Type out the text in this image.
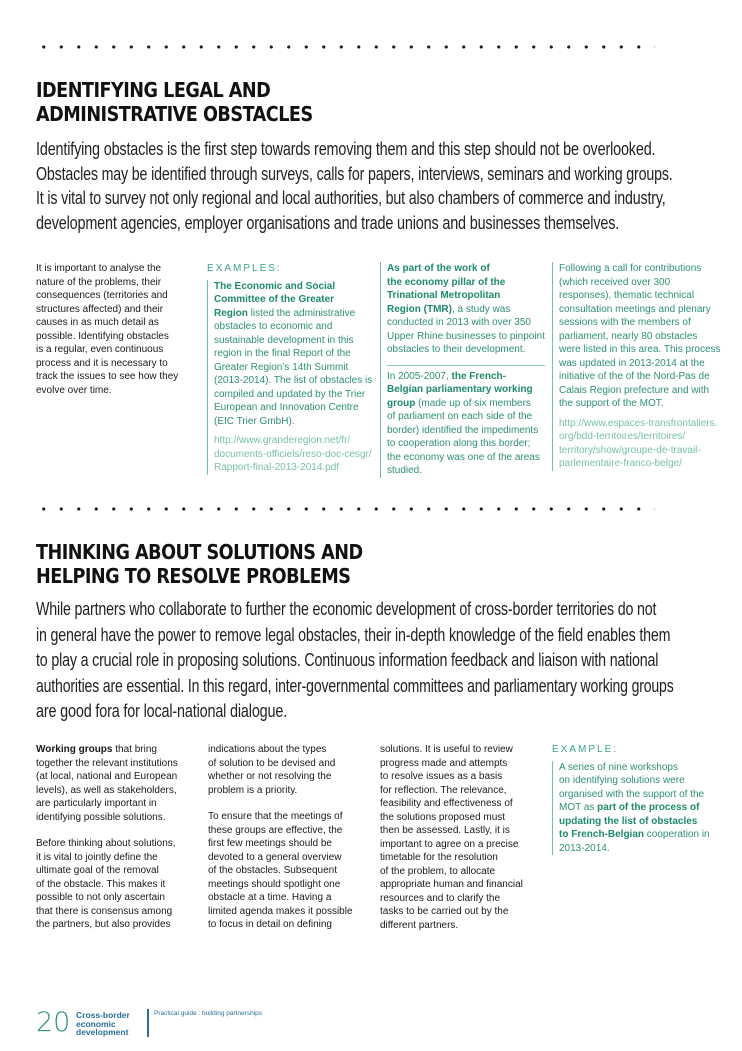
IDENTIFYING LEGAL AND
ADMINISTRATIVE OBSTACLES
Identifying obstacles is the first step towards removing them and this step should not be overlooked.
Obstacles may be identified through surveys, calls for papers, interviews, seminars and working groups.
It is vital to survey not only regional and local authorities, but also chambers of commerce and industry,
development agencies, employer organisations and trade unions and businesses themselves.
It is important to analyse the
nature of the problems, their
consequences (territories and
structures affected) and their
causes in as much detail as
possible. Identifying obstacles
is a regular, even continuous
process and it is necessary to
track the issues to see how they
evolve over time.
EXAMPLES:
The Economic and Social
Committee of the Greater
Region listed the administrative
obstacles to economic and
sustainable development in this
region in the final Report of the
Greater Region’s 14th Summit
(2013-2014). The list of obstacles is
compiled and updated by the Trier
European and Innovation Centre
(EIC Trier GmbH).
http://www.granderegion.net/fr/
documents-officiels/reso-doc-cesgr/
Rapport-final-2013-2014.pdf
As part of the work of
the economy pillar of the
Trinational Metropolitan
Region (TMR), a study was
conducted in 2013 with over 350
Upper Rhine businesses to pinpoint
obstacles to their development.
In 2005-2007, the French-
Belgian parliamentary working
group (made up of six members
of parliament on each side of the
border) identified the impediments
to cooperation along this border;
the economy was one of the areas
studied.
Following a call for contributions
(which received over 300
responses), thematic technical
consultation meetings and plenary
sessions with the members of
parliament, nearly 80 obstacles
were listed in this area. This process
was updated in 2013-2014 at the
initiative of the of the Nord-Pas de
Calais Region prefecture and with
the support of the MOT.
http://www.espaces-transfrontaliers.
org/bdd-territoires/territoires/
territory/show/groupe-de-travail-
parlementaire-franco-belge/
THINKING ABOUT SOLUTIONS AND
HELPING TO RESOLVE PROBLEMS
While partners who collaborate to further the economic development of cross-border territories do not
in general have the power to remove legal obstacles, their in-depth knowledge of the field enables them
to play a crucial role in proposing solutions. Continuous information feedback and liaison with national
authorities are essential. In this regard, inter-governmental committees and parliamentary working groups
are good fora for local-national dialogue.
Working groups that bring
together the relevant institutions
(at local, national and European
levels), as well as stakeholders,
are particularly important in
identifying possible solutions.
Before thinking about solutions,
it is vital to jointly define the
ultimate goal of the removal
of the obstacle. This makes it
possible to not only ascertain
that there is consensus among
the partners, but also provides
indications about the types
of solution to be devised and
whether or not resolving the
problem is a priority.
To ensure that the meetings of
these groups are effective, the
first few meetings should be
devoted to a general overview
of the obstacles. Subsequent
meetings should spotlight one
obstacle at a time. Having a
limited agenda makes it possible
to focus in detail on defining
solutions. It is useful to review
progress made and attempts
to resolve issues as a basis
for reflection. The relevance,
feasibility and effectiveness of
the solutions proposed must
then be assessed. Lastly, it is
important to agree on a precise
timetable for the resolution
of the problem, to allocate
appropriate human and financial
resources and to clarify the
tasks to be carried out by the
different partners.
EXAMPLE:
A series of nine workshops
on identifying solutions were
organised with the support of the
MOT as part of the process of
updating the list of obstacles
to French-Belgian cooperation in
2013-2014.
20 Cross-border
economic
development
Practical guide : building partnerships
